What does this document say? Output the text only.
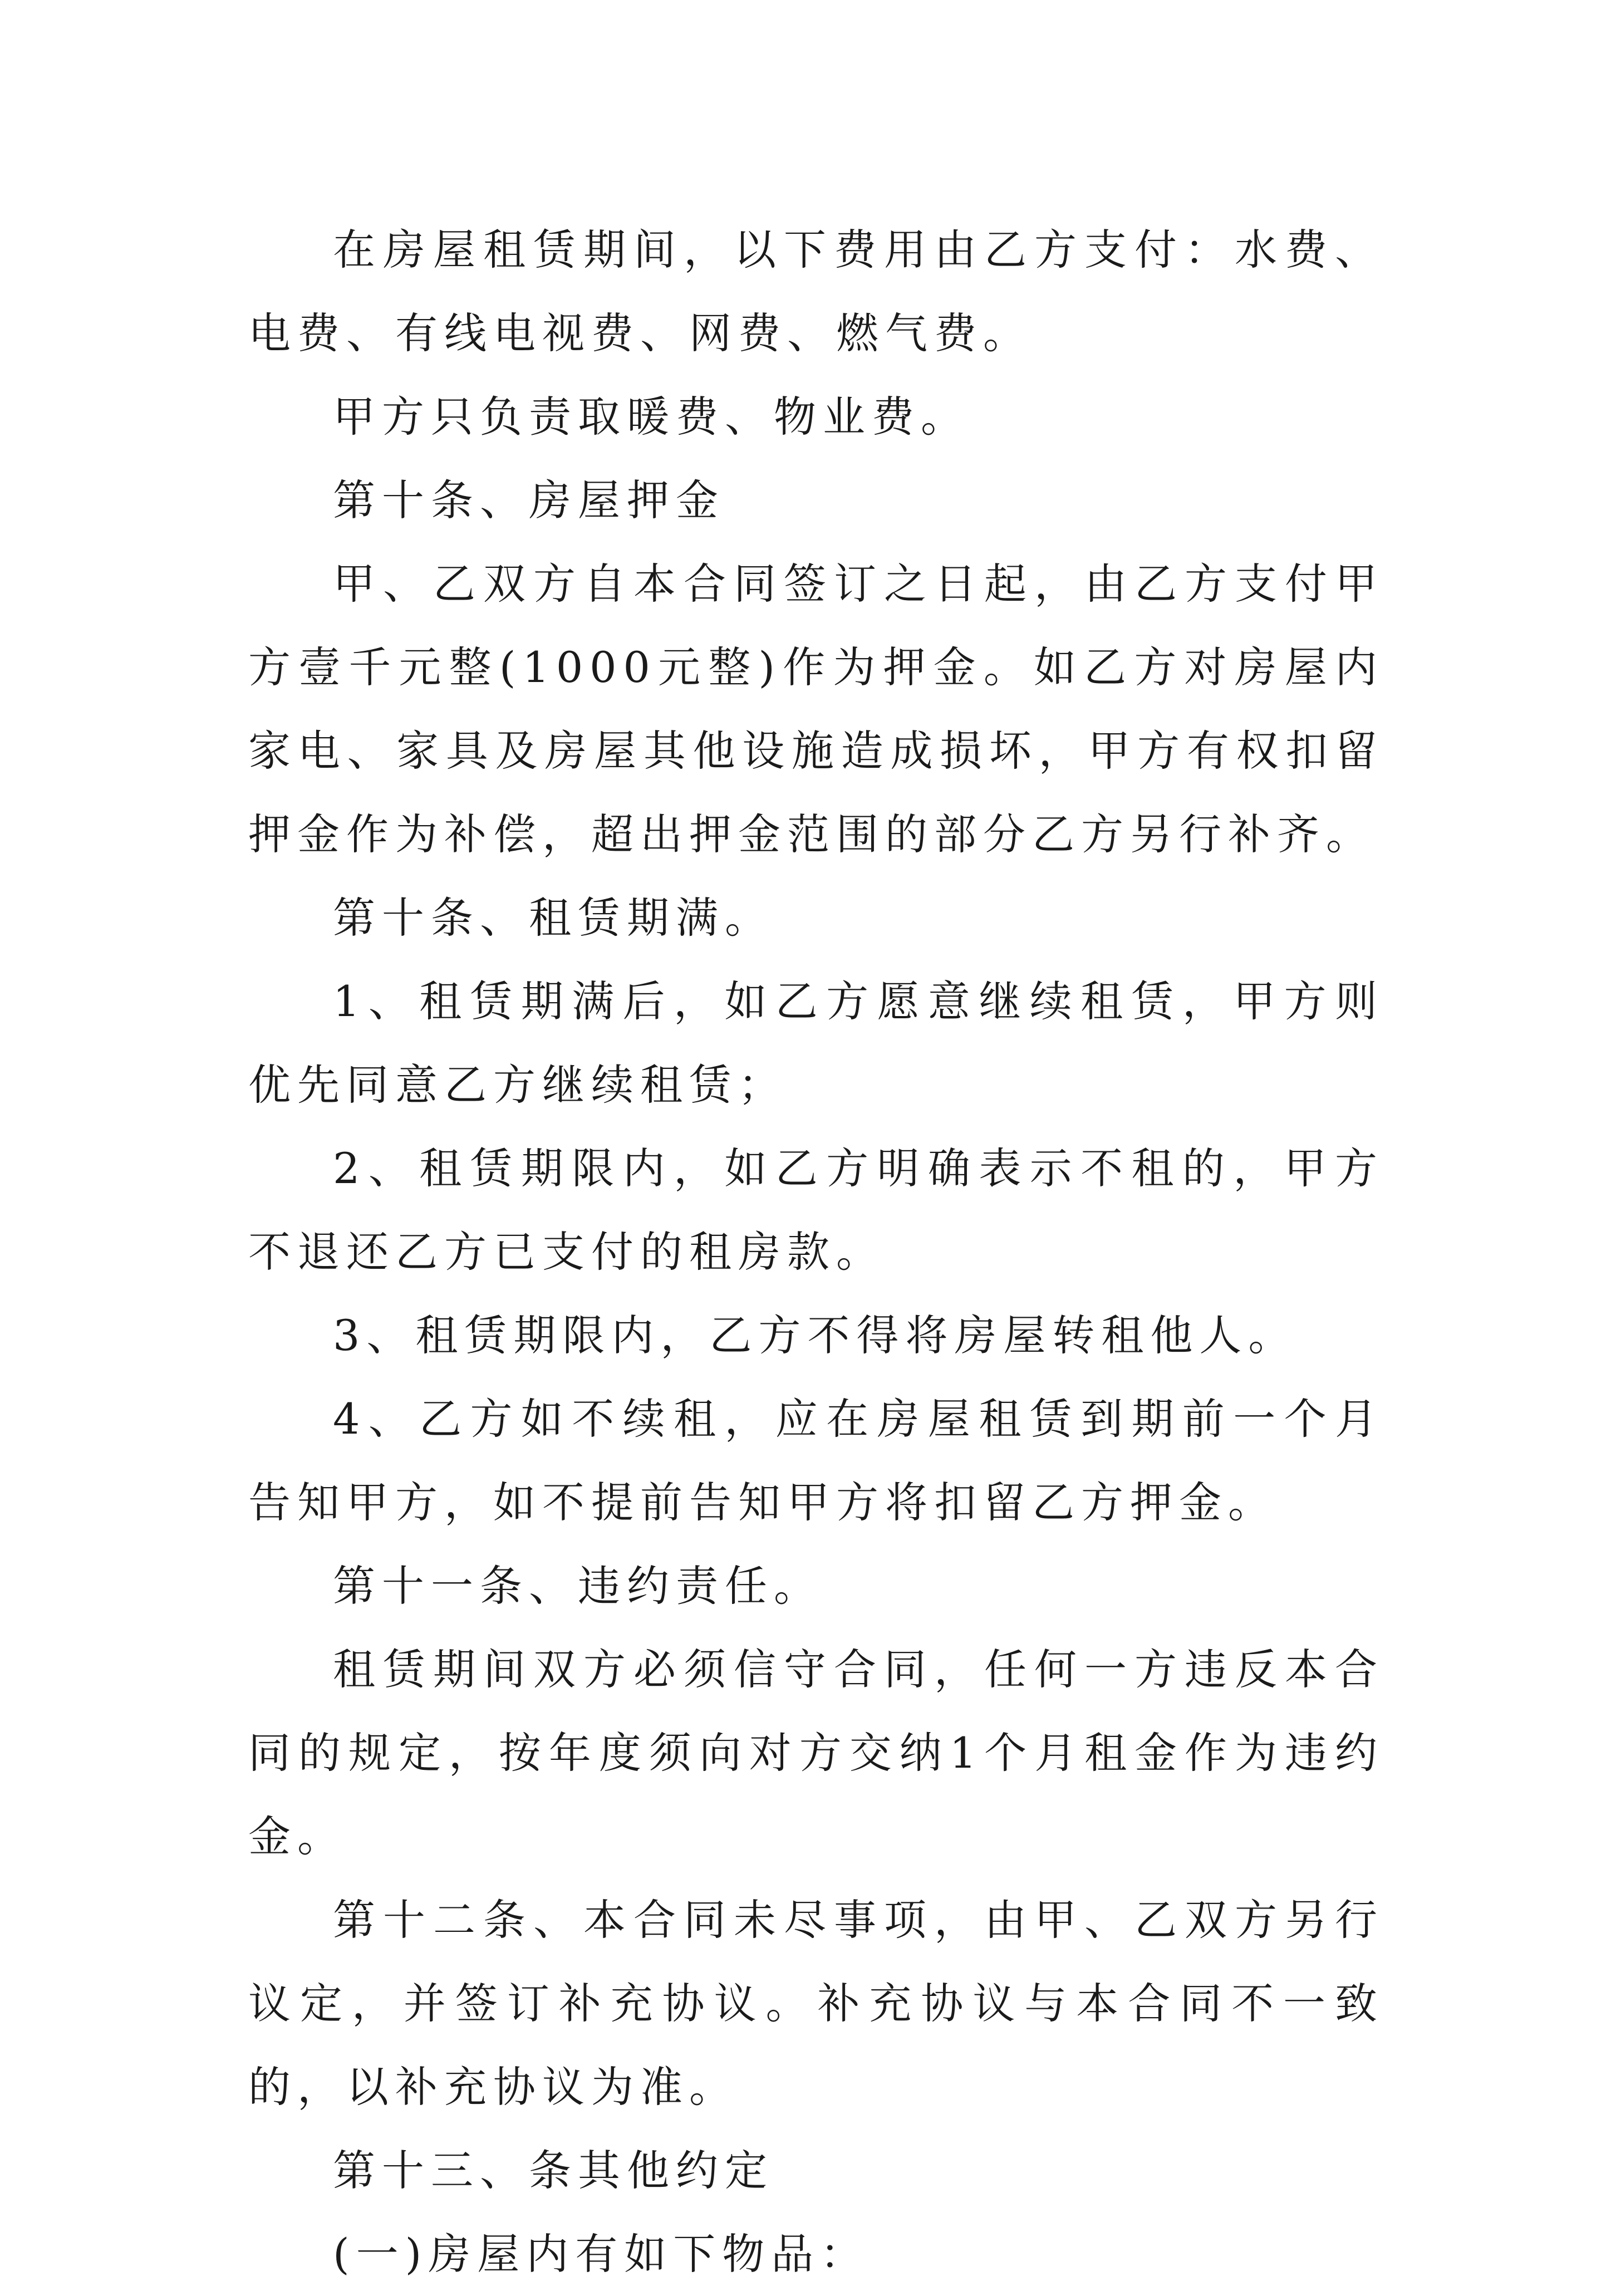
在房屋租赁期间，以下费用由乙方支付：水费、电费、有线电视费、网费、燃气费。

甲方只负责取暖费、物业费。

第十条、房屋押金

甲、乙双方自本合同签订之日起，由乙方支付甲方壹千元整(1000元整)作为押金。如乙方对房屋内家电、家具及房屋其他设施造成损坏，甲方有权扣留押金作为补偿，超出押金范围的部分乙方另行补齐。

第十条、租赁期满。

1、租赁期满后，如乙方愿意继续租赁，甲方则优先同意乙方继续租赁；

2、租赁期限内，如乙方明确表示不租的，甲方不退还乙方已支付的租房款。

3、租赁期限内，乙方不得将房屋转租他人。

4、乙方如不续租，应在房屋租赁到期前一个月告知甲方，如不提前告知甲方将扣留乙方押金。

第十一条、违约责任。

租赁期间双方必须信守合同，任何一方违反本合同的规定，按年度须向对方交纳1个月租金作为违约金。

第十二条、本合同未尽事项，由甲、乙双方另行议定，并签订补充协议。补充协议与本合同不一致的，以补充协议为准。

第十三、条其他约定

(一)房屋内有如下物品：
